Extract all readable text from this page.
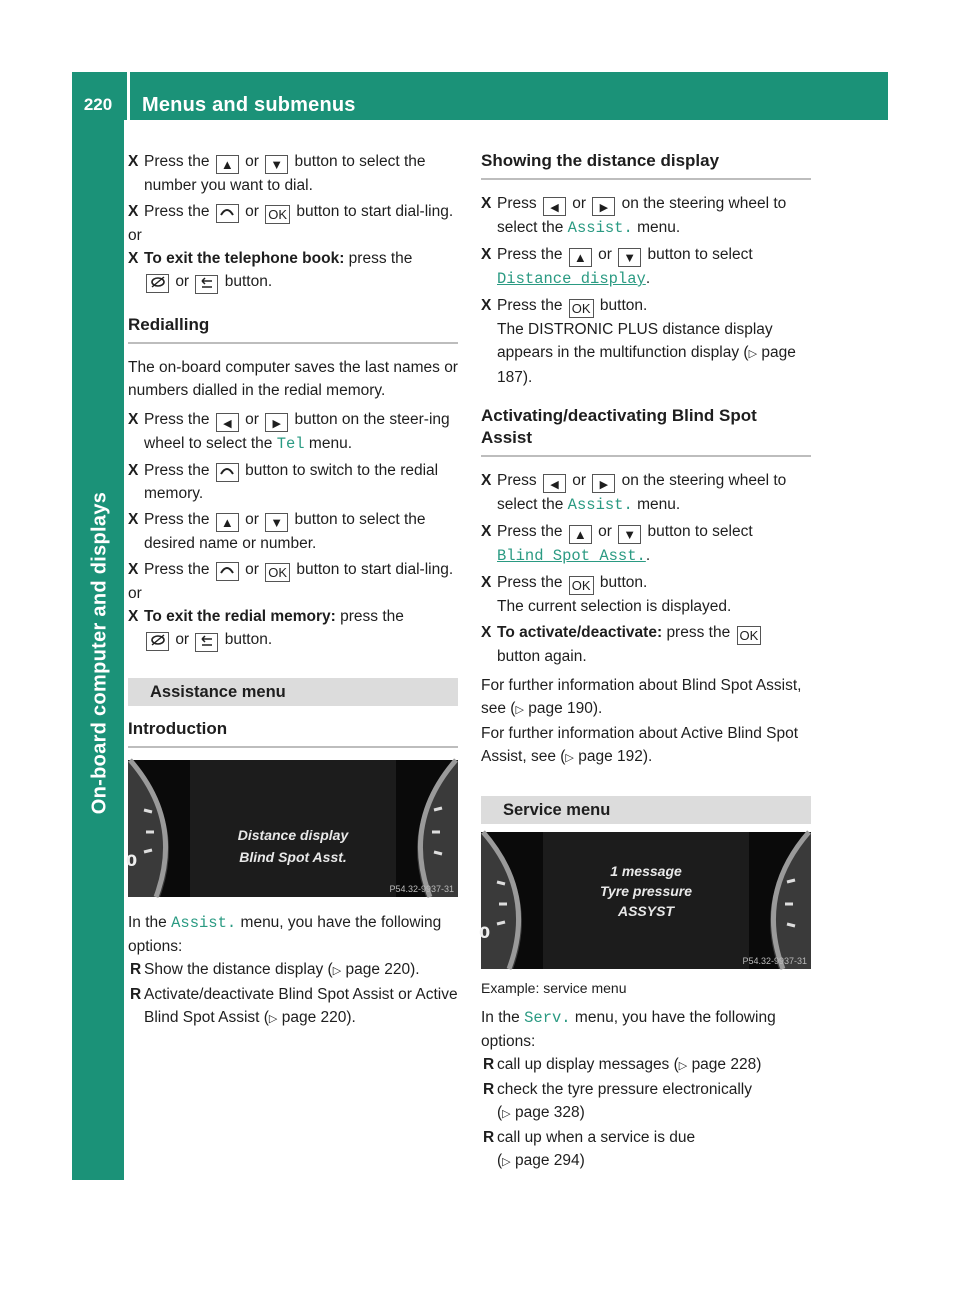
220	Menus and submenus
On-board computer and displays

X Press the ▲ or ▼ button to select the number you want to dial.

X Press the or OK button to start dial-ling.

or

X To exit the telephone book: press the
or button.

Redialling

The on-board computer saves the last names or numbers dialled in the redial memory.

X Press the ◀ or ▶ button on the steer-ing wheel to select the Tel menu.

X Press the button to switch to the redial memory.

X Press the ▲ or ▼ button to select the desired name or number.

X Press the or OK button to start dial-ling.

or

X To exit the redial memory: press the
or button.

Assistance menu
Introduction
0
Distance display
Blind Spot Asst.
P54.32-9937-31

In the Assist. menu, you have the following options:

R Show the distance display (▷ page 220).

R Activate/deactivate Blind Spot Assist or Active Blind Spot Assist (▷ page 220).

Showing the distance display

X Press ◀ or ▶ on the steering wheel to select the Assist. menu.

X Press the ▲ or ▼ button to select
Distance display.

X Press the OK button.
The DISTRONIC PLUS distance display appears in the multifunction display (▷ page 187).

Activating/deactivating Blind Spot Assist

X Press ◀ or ▶ on the steering wheel to select the Assist. menu.

X Press the ▲ or ▼ button to select
Blind Spot Asst..

X Press the OK button.
The current selection is displayed.

X To activate/deactivate: press the OK
button again.

For further information about Blind Spot Assist, see (▷ page 190).

For further information about Active Blind Spot Assist, see (▷ page 192).

Service menu
0
1 message
Tyre pressure
ASSYST
P54.32-9937-31

Example: service menu

In the Serv. menu, you have the following options:

R call up display messages (▷ page 228)

R check the tyre pressure electronically
(▷ page 328)

R call up when a service is due
(▷ page 294)
